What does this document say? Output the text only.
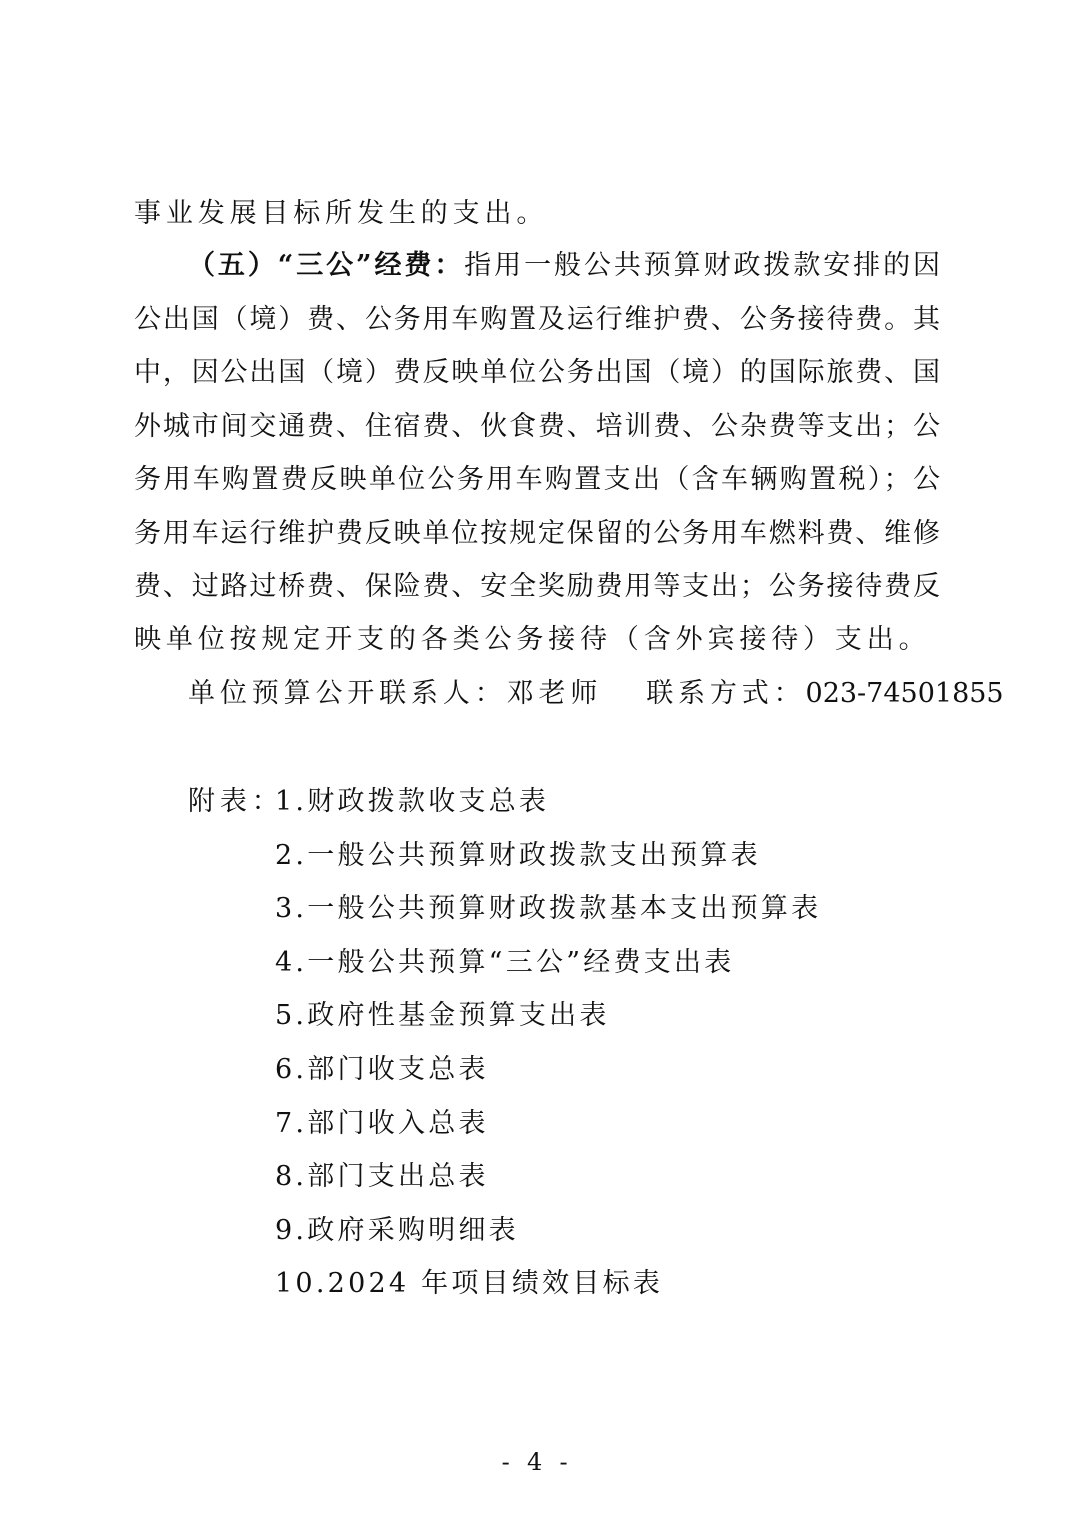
事业发展目标所发生的支出。
（五）“三公”经费：指用一般公共预算财政拨款安排的因
公出国（境）费、公务用车购置及运行维护费、公务接待费。其
中，因公出国（境）费反映单位公务出国（境）的国际旅费、国
外城市间交通费、住宿费、伙食费、培训费、公杂费等支出；公
务用车购置费反映单位公务用车购置支出（含车辆购置税）；公
务用车运行维护费反映单位按规定保留的公务用车燃料费、维修
费、过路过桥费、保险费、安全奖励费用等支出；公务接待费反
映单位按规定开支的各类公务接待（含外宾接待）支出。
单位预算公开联系人：邓老师 联系方式：023-74501855
附表：
1.财政拨款收支总表
2.一般公共预算财政拨款支出预算表
3.一般公共预算财政拨款基本支出预算表
4.一般公共预算“三公”经费支出表
5.政府性基金预算支出表
6.部门收支总表
7.部门收入总表
8.部门支出总表
9.政府采购明细表
10.2024 年项目绩效目标表
- 4 -
